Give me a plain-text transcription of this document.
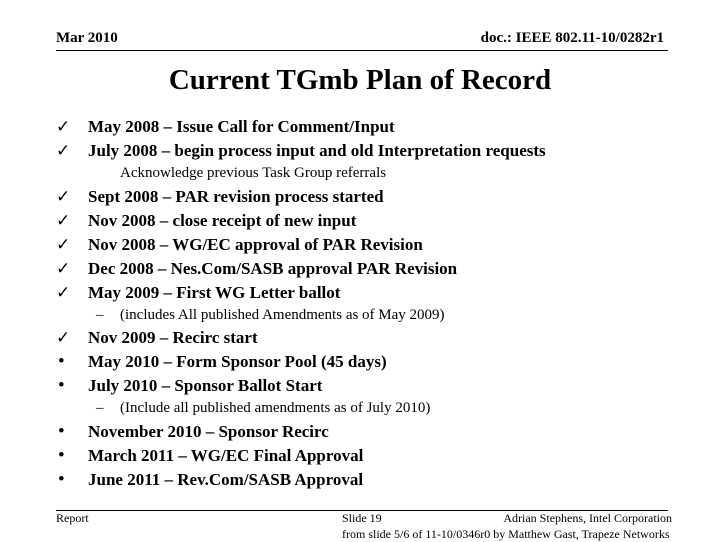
Mar 2010	doc.: IEEE 802.11-10/0282r1
Current TGmb Plan of Record
✓	May 2008 – Issue Call for Comment/Input
✓	July 2008 – begin process input and old Interpretation requests
Acknowledge previous Task Group referrals
✓	Sept 2008 – PAR revision process started
✓	Nov 2008 – close receipt of new input
✓	Nov 2008 – WG/EC approval of PAR Revision
✓	Dec 2008 – Nes.Com/SASB approval PAR Revision
✓	May 2009 – First WG Letter ballot
– (includes All published Amendments as of May 2009)
✓	Nov 2009 – Recirc start
•	May 2010 – Form Sponsor Pool (45 days)
•	July 2010 – Sponsor Ballot Start
– (Include all published amendments as of July 2010)
•	November 2010 – Sponsor Recirc
•	March 2011 – WG/EC Final Approval
•	June 2011 – Rev.Com/SASB Approval
Report	Slide 19	Adrian Stephens, Intel Corporation
from slide 5/6 of 11-10/0346r0 by Matthew Gast, Trapeze Networks
